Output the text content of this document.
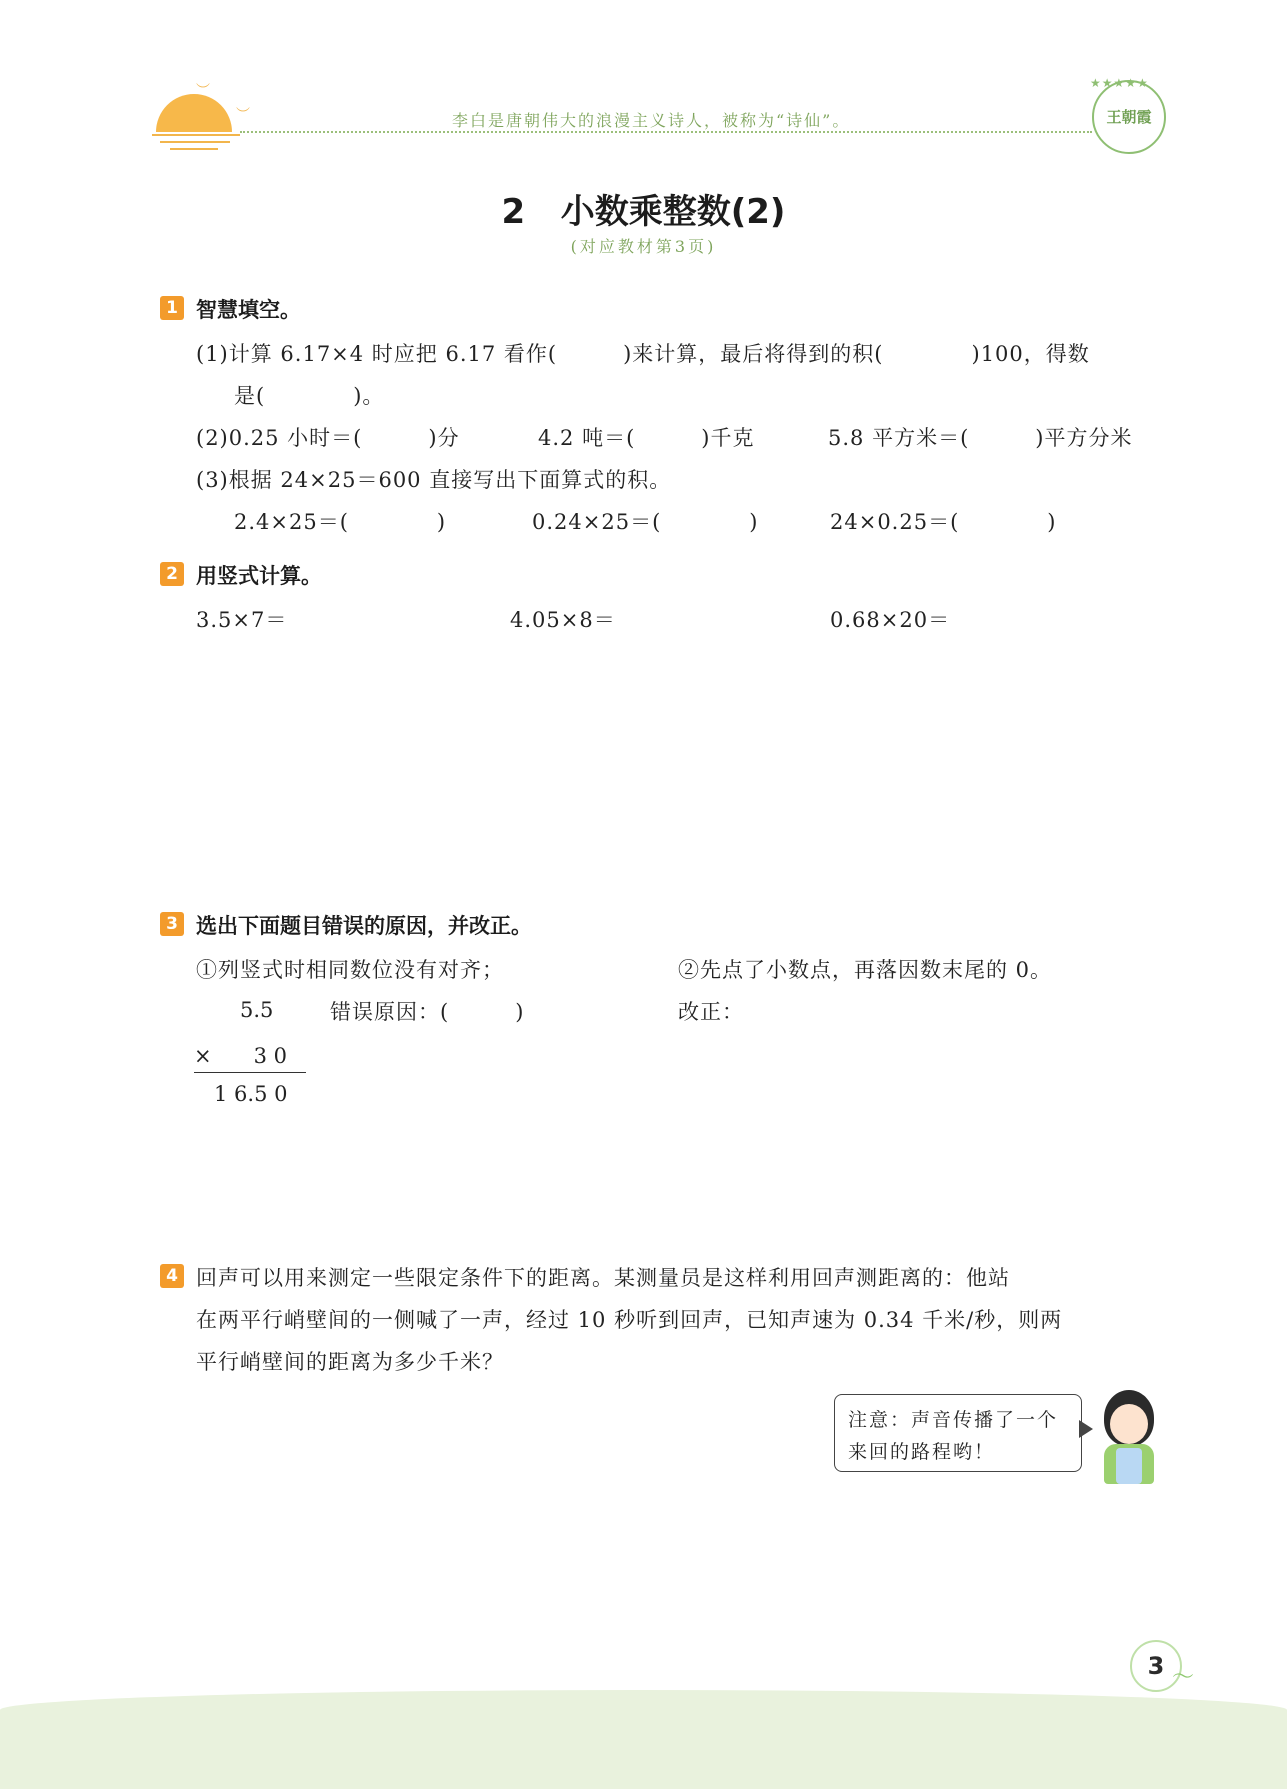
︶
︶	李白是唐朝伟大的浪漫主义诗人，被称为“诗仙”。
★★★★★
王朝霞
2   小数乘整数(2)
(对应教材第3页)
1 智慧填空。
(1)计算 6.17×4 时应把 6.17 看作(　　　)来计算，最后将得到的积(　　　　)100，得数
是(　　　　)。
(2)0.25 小时＝(　　　)分	4.2 吨＝(　　　)千克	5.8 平方米＝(　　　)平方分米
(3)根据 24×25＝600 直接写出下面算式的积。
2.4×25＝(　　　　)	0.24×25＝(　　　　)	24×0.25＝(　　　　)
2 用竖式计算。
3.5×7＝	4.05×8＝	0.68×20＝
3 选出下面题目错误的原因，并改正。
①列竖式时相同数位没有对齐；	②先点了小数点，再落因数末尾的 0。
5.5	错误原因：(　　　)	改正：
×　　3 0
1 6.5 0
4 回声可以用来测定一些限定条件下的距离。某测量员是这样利用回声测距离的：他站
在两平行峭壁间的一侧喊了一声，经过 10 秒听到回声，已知声速为 0.34 千米/秒，则两
平行峭壁间的距离为多少千米？
注意：声音传播了一个
来回的路程哟！
3 〜
